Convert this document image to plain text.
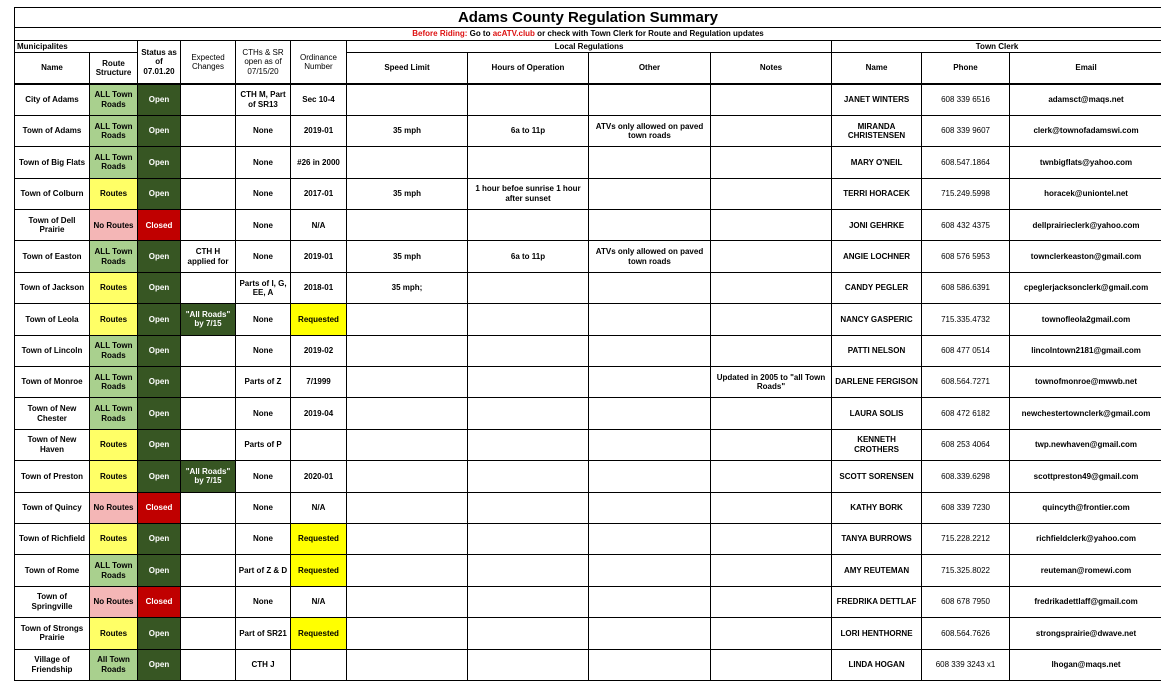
Adams County Regulation Summary
Before Riding: Go to acATV.club or check with Town Clerk for Route and Regulation updates
Municipalites		Status as of 07.01.20	Expected Changes	CTHs & SR open as of 07/15/20	Ordinance Number	Local Regulations				Town Clerk		
Name	Route Structure					Speed Limit	Hours of Operation	Other	Notes	Name	Phone	Email
City of Adams	ALL Town Roads	Open		CTH M, Part of SR13	Sec 10-4					JANET WINTERS	608 339 6516	adamsct@maqs.net
Town of Adams	ALL Town Roads	Open		None	2019-01	35 mph	6a to 11p	ATVs only allowed on paved town roads		MIRANDA CHRISTENSEN	608 339 9607	clerk@townofadamswi.com
Town of Big Flats	ALL Town Roads	Open		None	#26 in 2000					MARY O'NEIL	608.547.1864	twnbigflats@yahoo.com
Town of Colburn	Routes	Open		None	2017-01	35 mph	1 hour befoe sunrise 1 hour after sunset			TERRI HORACEK	715.249.5998	horacek@uniontel.net
Town of Dell Prairie	No Routes	Closed		None	N/A					JONI GEHRKE	608 432 4375	dellprairieclerk@yahoo.com
Town of Easton	ALL Town Roads	Open	CTH H applied for	None	2019-01	35 mph	6a to 11p	ATVs only allowed on paved town roads		ANGIE LOCHNER	608 576 5953	townclerkeaston@gmail.com
Town of Jackson	Routes	Open		Parts of I, G, EE, A	2018-01	35 mph;				CANDY PEGLER	608 586.6391	cpeglerjacksonclerk@gmail.com
Town of Leola	Routes	Open	"All Roads" by 7/15	None	Requested					NANCY GASPERIC	715.335.4732	townofleola2gmail.com
Town of Lincoln	ALL Town Roads	Open		None	2019-02					PATTI NELSON	608 477 0514	lincolntown2181@gmail.com
Town of Monroe	ALL Town Roads	Open		Parts of Z	7/1999				Updated in 2005 to "all Town Roads"	DARLENE FERGISON	608.564.7271	townofmonroe@mwwb.net
Town of New Chester	ALL Town Roads	Open		None	2019-04					LAURA SOLIS	608 472 6182	newchestertownclerk@gmail.com
Town of New Haven	Routes	Open		Parts of P						KENNETH CROTHERS	608 253 4064	twp.newhaven@gmail.com
Town of Preston	Routes	Open	"All Roads" by 7/15	None	2020-01					SCOTT SORENSEN	608.339.6298	scottpreston49@gmail.com
Town of Quincy	No Routes	Closed		None	N/A					KATHY BORK	608 339 7230	quincyth@frontier.com
Town of Richfield	Routes	Open		None	Requested					TANYA BURROWS	715.228.2212	richfieldclerk@yahoo.com
Town of Rome	ALL Town Roads	Open		Part of Z & D	Requested					AMY REUTEMAN	715.325.8022	reuteman@romewi.com
Town of Springville	No Routes	Closed		None	N/A					FREDRIKA DETTLAF	608 678 7950	fredrikadettlaff@gmail.com
Town of Strongs Prairie	Routes	Open		Part of SR21	Requested					LORI HENTHORNE	608.564.7626	strongsprairie@dwave.net
Village of Friendship	All Town Roads	Open		CTH J						LINDA HOGAN	608 339 3243 x1	lhogan@maqs.net
